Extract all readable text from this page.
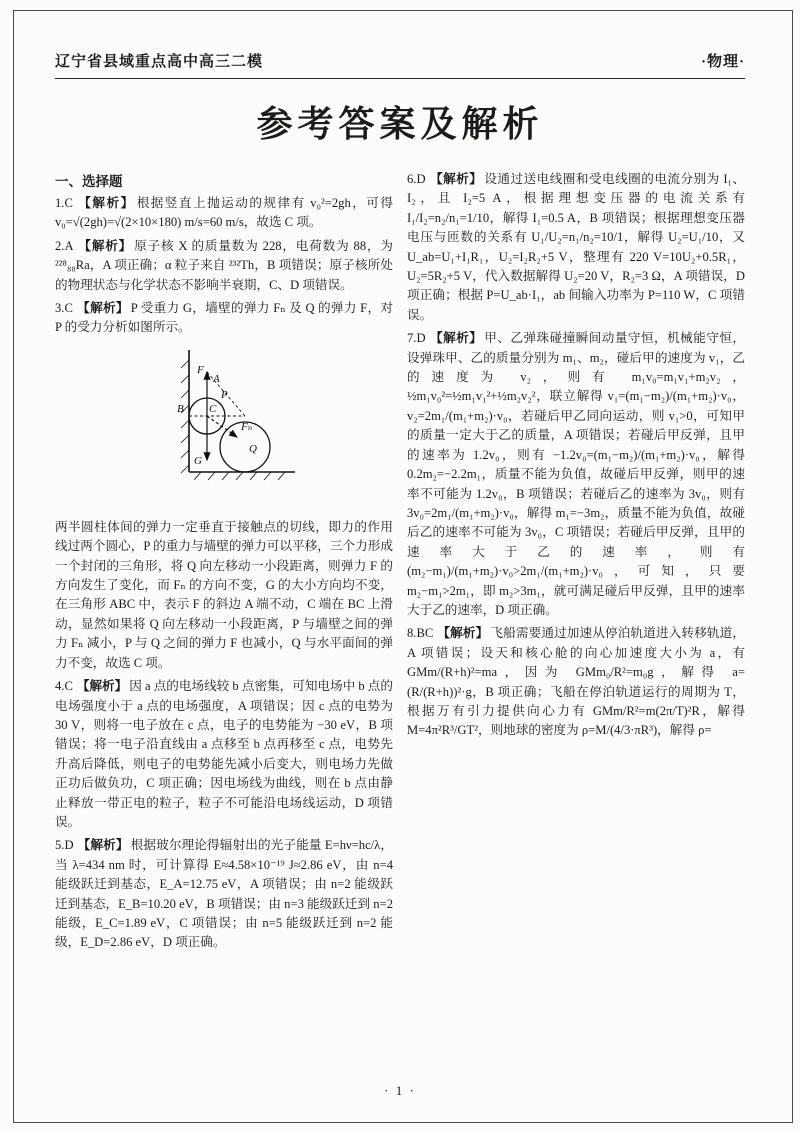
辽宁省县域重点高中高三二模	·物理·
参考答案及解析
一、选择题

1.C 【解析】 根据竖直上抛运动的规律有 v₀²=2gh，可得 v₀=√(2gh)=√(2×10×180) m/s=60 m/s，故选 C 项。

2.A 【解析】 原子核 X 的质量数为 228，电荷数为 88，为 ²²⁸₈₈Ra，A 项正确；α 粒子来自 ²³²Th，B 项错误；原子核所处的物理状态与化学状态不影响半衰期，C、D 项错误。

3.C 【解析】 P 受重力 G，墙壁的弹力 Fₙ 及 Q 的弹力 F，对 P 的受力分析如图所示。

F
A
B C
Fₙ
G
P
Q

两半圆柱体间的弹力一定垂直于接触点的切线，即力的作用线过两个圆心，P 的重力与墙壁的弹力可以平移，三个力形成一个封闭的三角形，将 Q 向左移动一小段距离，则弹力 F 的方向发生了变化，而 Fₙ 的方向不变，G 的大小方向均不变，在三角形 ABC 中，表示 F 的斜边 A 端不动，C 端在 BC 上滑动，显然如果将 Q 向左移动一小段距离，P 与墙壁之间的弹力 Fₙ 减小，P 与 Q 之间的弹力 F 也减小，Q 与水平面间的弹力不变，故选 C 项。

4.C 【解析】 因 a 点的电场线较 b 点密集，可知电场中 b 点的电场强度小于 a 点的电场强度，A 项错误；因 c 点的电势为 30 V，则将一电子放在 c 点，电子的电势能为 −30 eV，B 项错误；将一电子沿直线由 a 点移至 b 点再移至 c 点，电势先升高后降低，则电子的电势能先减小后变大，则电场力先做正功后做负功，C 项正确；因电场线为曲线，则在 b 点由静止释放一带正电的粒子，粒子不可能沿电场线运动，D 项错误。

5.D 【解析】 根据玻尔理论得辐射出的光子能量 E=hν=hc/λ，当 λ=434 nm 时，可计算得 E≈4.58×10⁻¹⁹ J≈2.86 eV，由 n=4 能级跃迁到基态，E_A=12.75 eV，A 项错误；由 n=2 能级跃迁到基态，E_B=10.20 eV，B 项错误；由 n=3 能级跃迁到 n=2 能级，E_C=1.89 eV，C 项错误；由 n=5 能级跃迁到 n=2 能级，E_D=2.86 eV，D 项正确。

6.D 【解析】 设通过送电线圈和受电线圈的电流分别为 I₁、I₂，且 I₂=5 A，根据理想变压器的电流关系有 I₁/I₂=n₂/n₁=1/10，解得 I₁=0.5 A，B 项错误；根据理想变压器电压与匝数的关系有 U₁/U₂=n₁/n₂=10/1，解得 U₂=U₁/10，又 U_ab=U₁+I₁R₁，U₂=I₂R₂+5 V，整理有 220 V=10U₂+0.5R₁，U₂=5R₂+5 V，代入数据解得 U₂=20 V，R₂=3 Ω，A 项错误，D 项正确；根据 P=U_ab·I₁，ab 间输入功率为 P=110 W，C 项错误。

7.D 【解析】 甲、乙弹珠碰撞瞬间动量守恒，机械能守恒，设弹珠甲、乙的质量分别为 m₁、m₂，碰后甲的速度为 v₁，乙的速度为 v₂，则有 m₁v₀=m₁v₁+m₂v₂，½m₁v₀²=½m₁v₁²+½m₂v₂²，联立解得 v₁=(m₁−m₂)/(m₁+m₂)·v₀，v₂=2m₁/(m₁+m₂)·v₀，若碰后甲乙同向运动，则 v₁>0，可知甲的质量一定大于乙的质量，A 项错误；若碰后甲反弹，且甲的速率为 1.2v₀，则有 −1.2v₀=(m₁−m₂)/(m₁+m₂)·v₀，解得 0.2m₂=−2.2m₁，质量不能为负值，故碰后甲反弹，则甲的速率不可能为 1.2v₀，B 项错误；若碰后乙的速率为 3v₀，则有 3v₀=2m₁/(m₁+m₂)·v₀，解得 m₁=−3m₂，质量不能为负值，故碰后乙的速率不可能为 3v₀，C 项错误；若碰后甲反弹，且甲的速率大于乙的速率，则有 (m₂−m₁)/(m₁+m₂)·v₀>2m₁/(m₁+m₂)·v₀，可知，只要 m₂−m₁>2m₁，即 m₂>3m₁，就可满足碰后甲反弹，且甲的速率大于乙的速率，D 项正确。

8.BC 【解析】 飞船需要通过加速从停泊轨道进入转移轨道，A 项错误；设天和核心舱的向心加速度大小为 a，有 GMm/(R+h)²=ma，因为 GMm₀/R²=m₀g，解得 a=(R/(R+h))²·g，B 项正确；飞船在停泊轨道运行的周期为 T，根据万有引力提供向心力有 GMm/R²=m(2π/T)²R，解得 M=4π²R³/GT²，则地球的密度为 ρ=M/(4/3·πR³)，解得 ρ=

· 1 ·
